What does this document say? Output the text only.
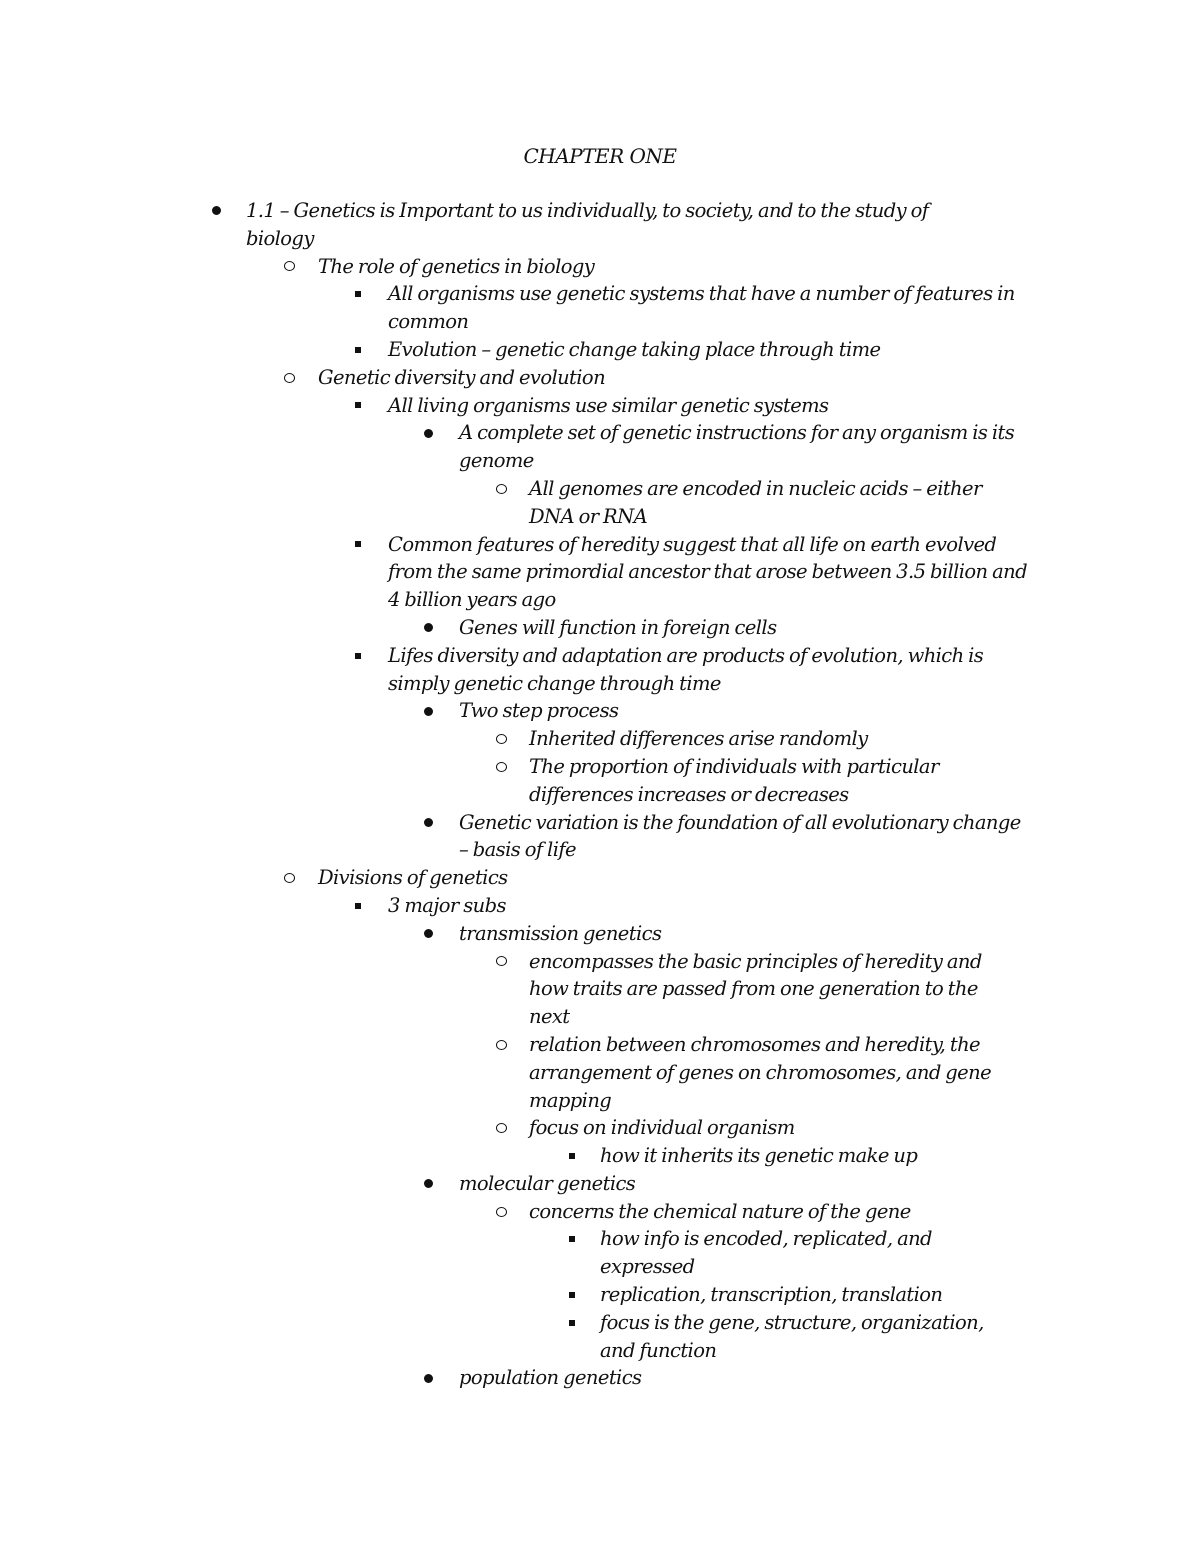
CHAPTER ONE
1.1 – Genetics is Important to us individually, to society, and to the study of biology
The role of genetics in biology
All organisms use genetic systems that have a number of features in common
Evolution – genetic change taking place through time
Genetic diversity and evolution
All living organisms use similar genetic systems
A complete set of genetic instructions for any organism is its genome
All genomes are encoded in nucleic acids – either DNA or RNA
Common features of heredity suggest that all life on earth evolved from the same primordial ancestor that arose between 3.5 billion and 4 billion years ago
Genes will function in foreign cells
Lifes diversity and adaptation are products of evolution, which is simply genetic change through time
Two step process
Inherited differences arise randomly
The proportion of individuals with particular differences increases or decreases
Genetic variation is the foundation of all evolutionary change – basis of life
Divisions of genetics
3 major subs
transmission genetics
encompasses the basic principles of heredity and how traits are passed from one generation to the next
relation between chromosomes and heredity, the arrangement of genes on chromosomes, and gene mapping
focus on individual organism
how it inherits its genetic make up
molecular genetics
concerns the chemical nature of the gene
how info is encoded, replicated, and expressed
replication, transcription, translation
focus is the gene, structure, organization, and function
population genetics
